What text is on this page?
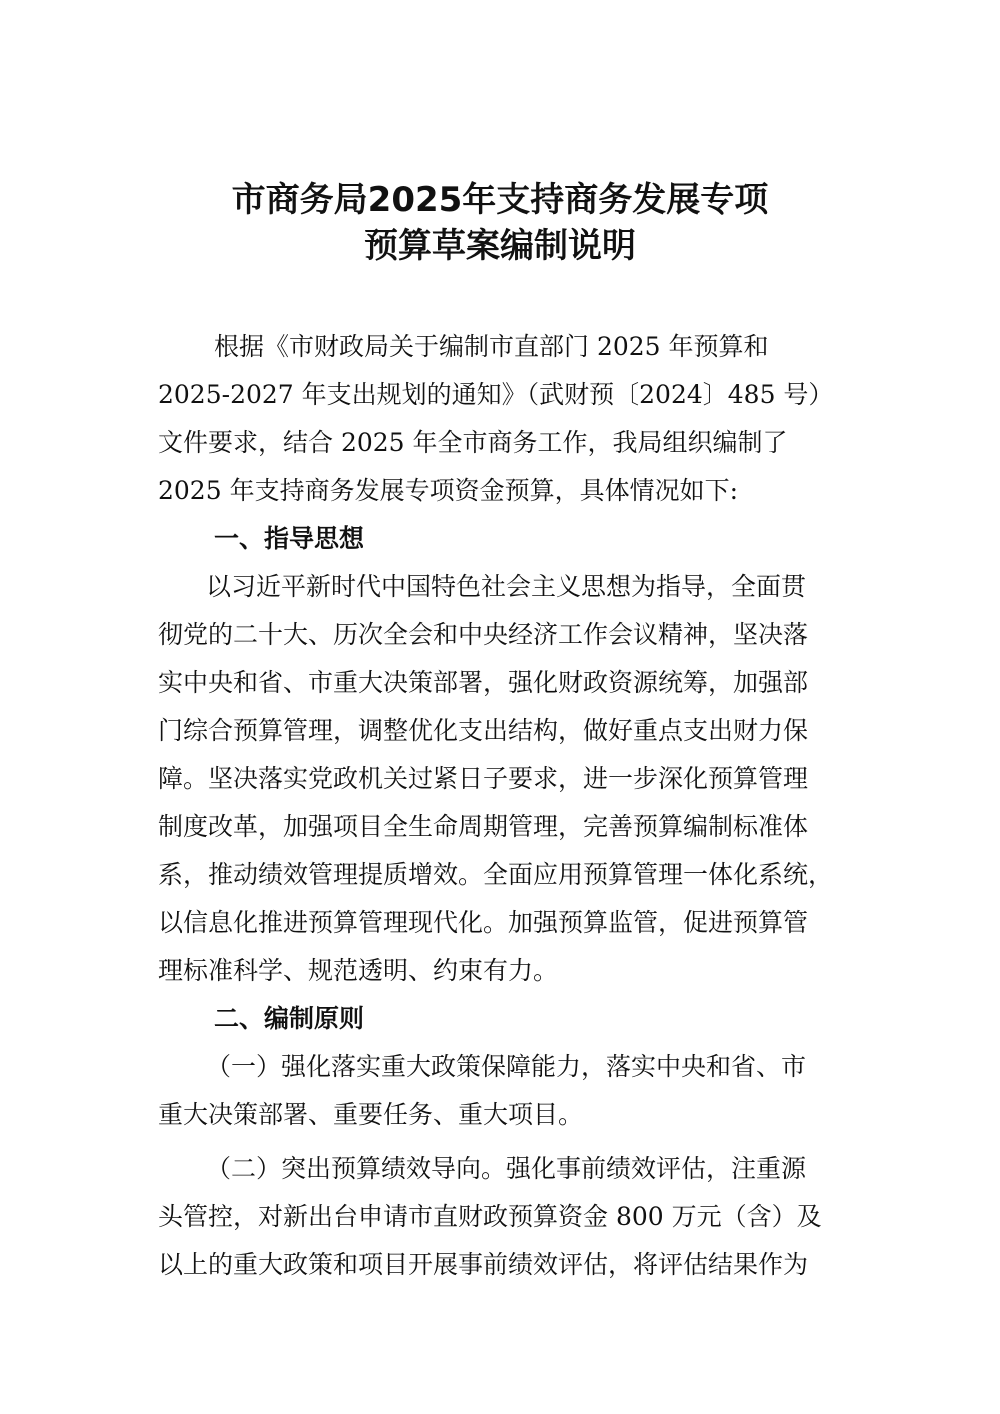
市商务局2025年支持商务发展专项
预算草案编制说明
根据《市财政局关于编制市直部门 2025 年预算和
2025-2027 年支出规划的通知》（武财预〔2024〕485 号）
文件要求，结合 2025 年全市商务工作，我局组织编制了
2025 年支持商务发展专项资金预算，具体情况如下:
一、指导思想
以习近平新时代中国特色社会主义思想为指导，全面贯
彻党的二十大、历次全会和中央经济工作会议精神，坚决落
实中央和省、市重大决策部署，强化财政资源统筹，加强部
门综合预算管理，调整优化支出结构，做好重点支出财力保
障。坚决落实党政机关过紧日子要求，进一步深化预算管理
制度改革，加强项目全生命周期管理，完善预算编制标准体
系，推动绩效管理提质增效。全面应用预算管理一体化系统，
以信息化推进预算管理现代化。加强预算监管，促进预算管
理标准科学、规范透明、约束有力。
二、编制原则
（一）强化落实重大政策保障能力，落实中央和省、市
重大决策部署、重要任务、重大项目。
（二）突出预算绩效导向。强化事前绩效评估，注重源
头管控，对新出台申请市直财政预算资金 800 万元（含）及
以上的重大政策和项目开展事前绩效评估，将评估结果作为
